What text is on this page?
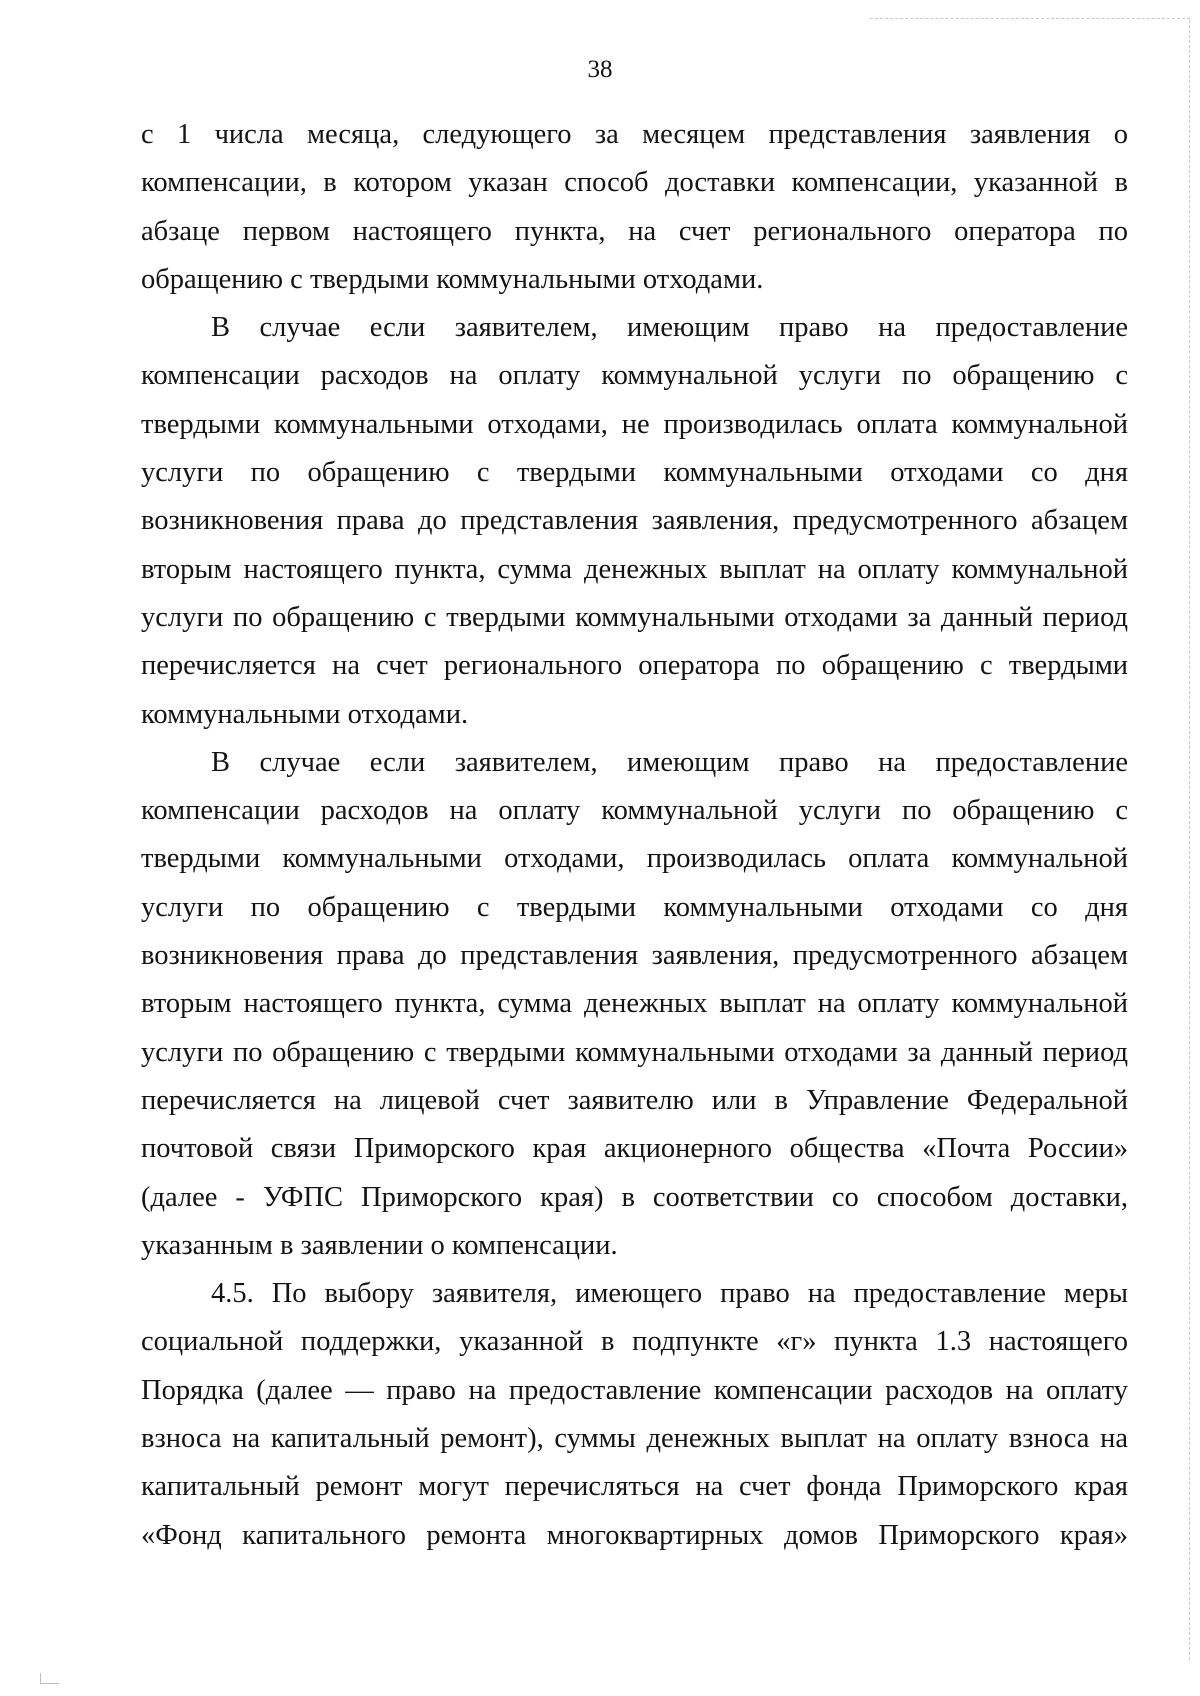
38

с 1 числа месяца, следующего за месяцем представления заявления о компенсации, в котором указан способ доставки компенсации, указанной в абзаце первом настоящего пункта, на счет регионального оператора по обращению с твердыми коммунальными отходами.

В случае если заявителем, имеющим право на предоставление компенсации расходов на оплату коммунальной услуги по обращению с твердыми коммунальными отходами, не производилась оплата коммунальной услуги по обращению с твердыми коммунальными отходами со дня возникновения права до представления заявления, предусмотренного абзацем вторым настоящего пункта, сумма денежных выплат на оплату коммунальной услуги по обращению с твердыми коммунальными отходами за данный период перечисляется на счет регионального оператора по обращению с твердыми коммунальными отходами.

В случае если заявителем, имеющим право на предоставление компенсации расходов на оплату коммунальной услуги по обращению с твердыми коммунальными отходами, производилась оплата коммунальной услуги по обращению с твердыми коммунальными отходами со дня возникновения права до представления заявления, предусмотренного абзацем вторым настоящего пункта, сумма денежных выплат на оплату коммунальной услуги по обращению с твердыми коммунальными отходами за данный период перечисляется на лицевой счет заявителю или в Управление Федеральной почтовой связи Приморского края акционерного общества «Почта России» (далее - УФПС Приморского края) в соответствии со способом доставки, указанным в заявлении о компенсации.

4.5. По выбору заявителя, имеющего право на предоставление меры социальной поддержки, указанной в подпункте «г» пункта 1.3 настоящего Порядка (далее — право на предоставление компенсации расходов на оплату взноса на капитальный ремонт), суммы денежных выплат на оплату взноса на капитальный ремонт могут перечисляться на счет фонда Приморского края «Фонд капитального ремонта многоквартирных домов Приморского края»
